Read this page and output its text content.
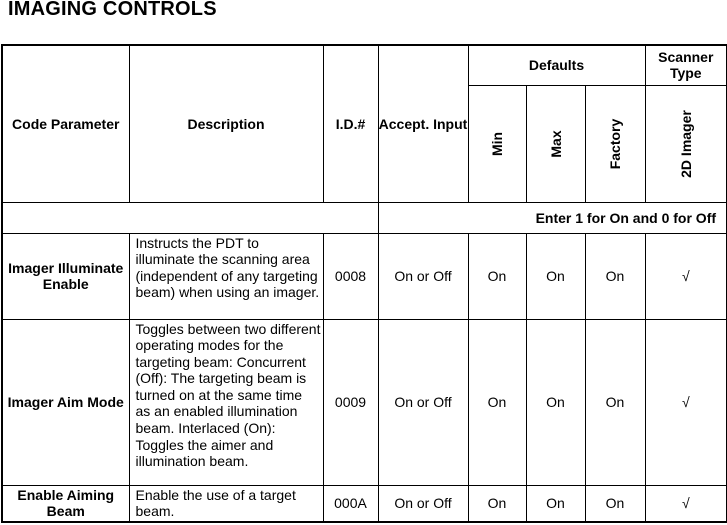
IMAGING CONTROLS
Code Parameter	Description	I.D.#	Accept. Input	Defaults			Scanner Type

				Min	Max	Factory	2D Imager

			Enter 1 for On and 0 for Off				
Imager Illuminate Enable	Instructs the PDT to illuminate the scanning area (independent of any targeting beam) when using an imager.	0008	On or Off	On	On	On	√
Imager Aim Mode	Toggles between two different operating modes for the targeting beam: Concurrent (Off): The targeting beam is turned on at the same time as an enabled illumination beam. Interlaced (On): Toggles the aimer and illumination beam.	0009	On or Off	On	On	On	√
Enable Aiming Beam	Enable the use of a target beam.	000A	On or Off	On	On	On	√
